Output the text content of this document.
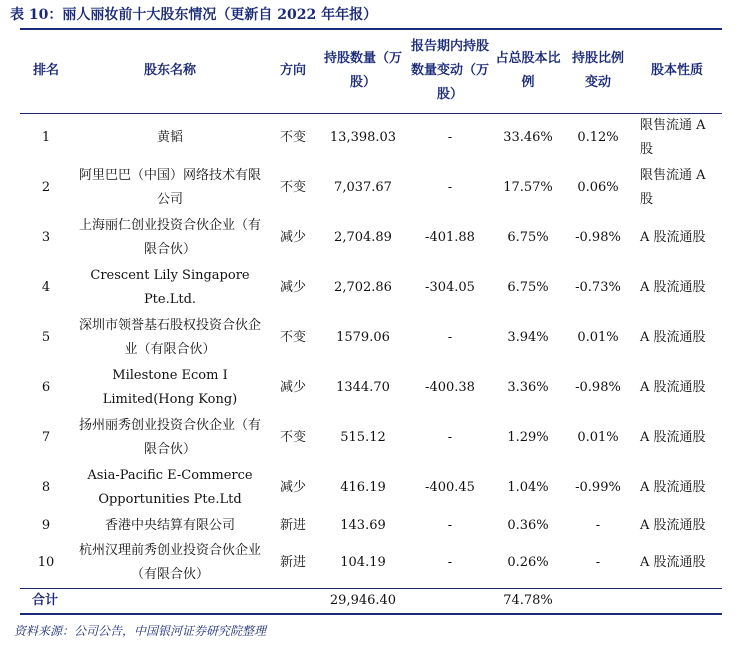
表 10：丽人丽妆前十大股东情况（更新自 2022 年年报）
排名	股东名称	方向	持股数量（万股）	报告期内持股数量变动（万股）	占总股本比例	持股比例变动	股本性质
1	黄韬	不变	13,398.03	-	33.46%	0.12%	限售流通 A 股
2	阿里巴巴（中国）网络技术有限公司	不变	7,037.67	-	17.57%	0.06%	限售流通 A 股
3	上海丽仁创业投资合伙企业（有限合伙）	减少	2,704.89	-401.88	6.75%	-0.98%	A 股流通股
4	Crescent Lily Singapore Pte.Ltd.	减少	2,702.86	-304.05	6.75%	-0.73%	A 股流通股
5	深圳市领誉基石股权投资合伙企业（有限合伙）	不变	1579.06	-	3.94%	0.01%	A 股流通股
6	Milestone Ecom I Limited(Hong Kong)	减少	1344.70	-400.38	3.36%	-0.98%	A 股流通股
7	扬州丽秀创业投资合伙企业（有限合伙）	不变	515.12	-	1.29%	0.01%	A 股流通股
8	Asia-Pacific E-Commerce Opportunities Pte.Ltd	减少	416.19	-400.45	1.04%	-0.99%	A 股流通股
9	香港中央结算有限公司	新进	143.69	-	0.36%	-	A 股流通股
10	杭州汉理前秀创业投资合伙企业（有限合伙）	新进	104.19	-	0.26%	-	A 股流通股
合计			29,946.40		74.78%		
资料来源：公司公告，中国银河证券研究院整理
